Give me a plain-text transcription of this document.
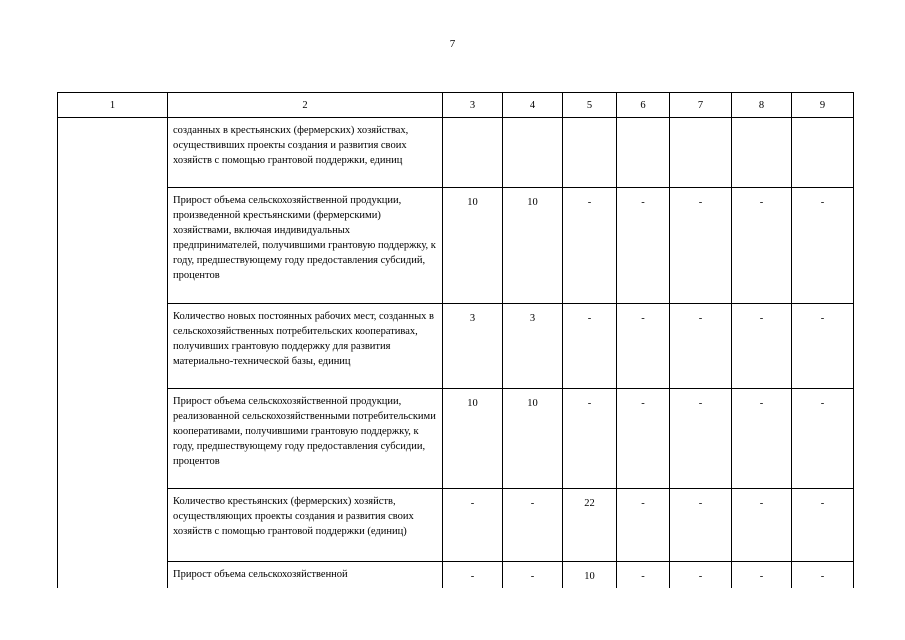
7
1	2	3	4	5	6	7	8	9
	созданных в крестьянских (фермерских) хозяйствах, осуществивших проекты создания и развития своих хозяйств с помощью грантовой поддержки, единиц							
	Прирост объема сельскохозяйственной продукции, произведенной крестьянскими (фермерскими) хозяйствами, включая индивидуальных предпринимателей, получившими грантовую поддержку, к году, предшествующему году предоставления субсидий, процентов	10	10	-	-	-	-	-
	Количество новых постоянных рабочих мест, созданных в сельскохозяйственных потребительских кооперативах, получивших грантовую поддержку для развития материально-технической базы, единиц	3	3	-	-	-	-	-
	Прирост объема сельскохозяйственной продукции, реализованной сельскохозяйственными потребительскими кооперативами, получившими грантовую поддержку, к году, предшествующему году предоставления субсидии, процентов	10	10	-	-	-	-	-
	Количество крестьянских (фермерских) хозяйств, осуществляющих проекты создания и развития своих хозяйств с помощью грантовой поддержки (единиц)	-	-	22	-	-	-	-
	Прирост объема сельскохозяйственной	-	-	10	-	-	-	-
